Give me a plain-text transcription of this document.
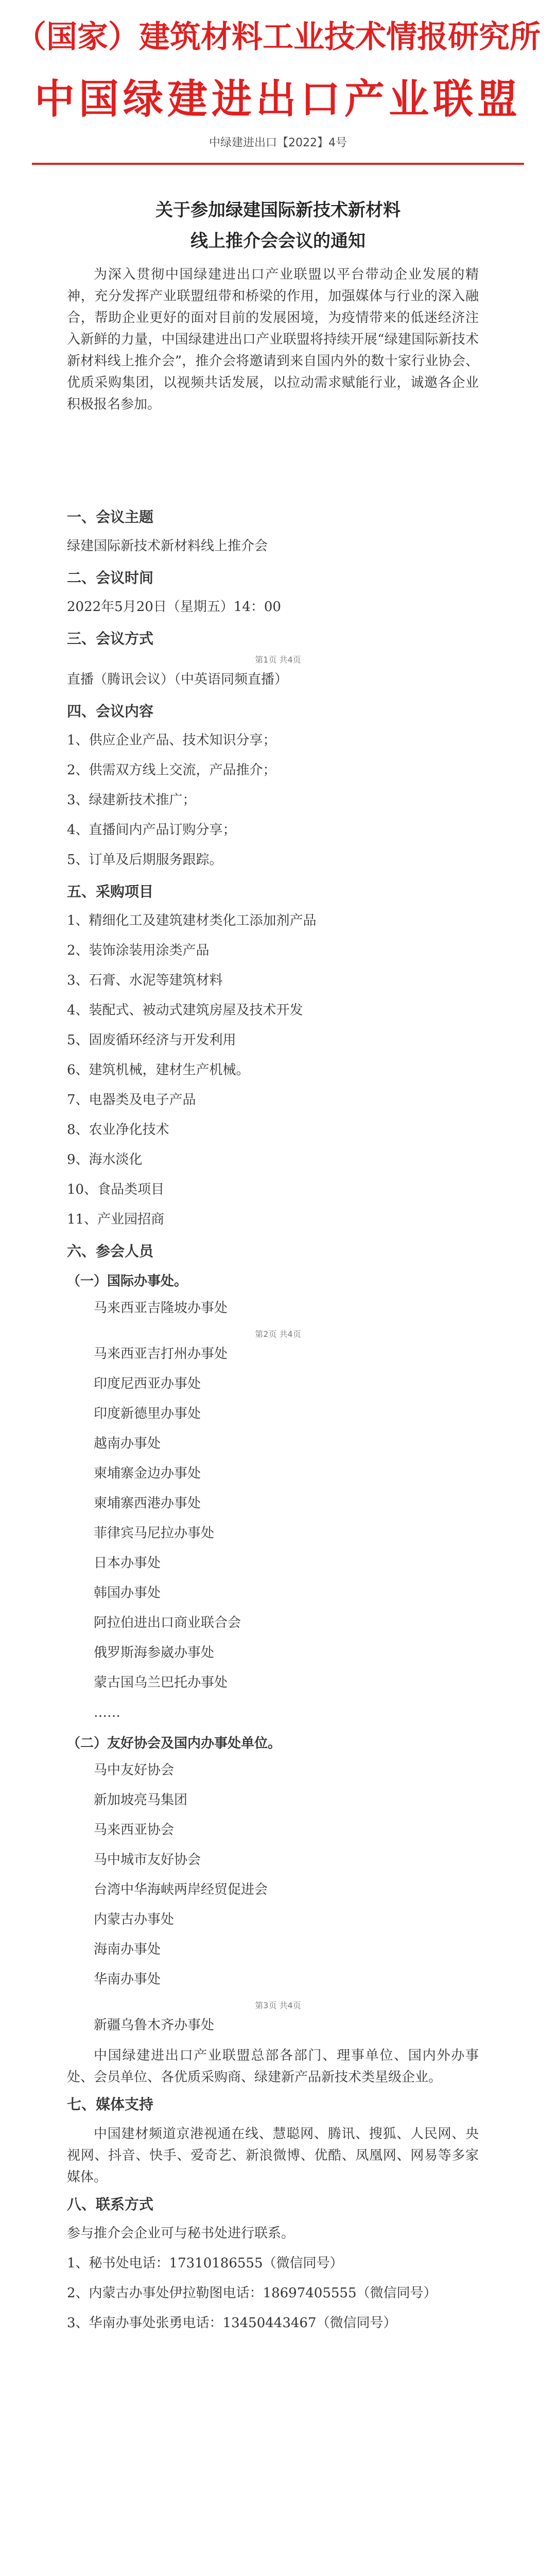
（国家）建筑材料工业技术情报研究所
中国绿建进出口产业联盟
中绿建进出口【2022】4号
关于参加绿建国际新技术新材料
线上推介会会议的通知
为深入贯彻中国绿建进出口产业联盟以平台带动企业发展的精神，充分发挥产业联盟纽带和桥梁的作用，加强媒体与行业的深入融合，帮助企业更好的面对目前的发展困境，为疫情带来的低迷经济注入新鲜的力量，中国绿建进出口产业联盟将持续开展“绿建国际新技术新材料线上推介会”，推介会将邀请到来自国内外的数十家行业协会、优质采购集团，以视频共话发展，以拉动需求赋能行业，诚邀各企业积极报名参加。
一、会议主题
绿建国际新技术新材料线上推介会
二、会议时间
2022年5月20日（星期五）14：00
三、会议方式
第1页 共4页
直播（腾讯会议）（中英语同频直播）
四、会议内容
1、供应企业产品、技术知识分享；
2、供需双方线上交流，产品推介；
3、绿建新技术推广；
4、直播间内产品订购分享；
5、订单及后期服务跟踪。
五、采购项目
1、精细化工及建筑建材类化工添加剂产品
2、装饰涂装用涂类产品
3、石膏、水泥等建筑材料
4、装配式、被动式建筑房屋及技术开发
5、固废循环经济与开发利用
6、建筑机械，建材生产机械。
7、电器类及电子产品
8、农业净化技术
9、海水淡化
10、食品类项目
11、产业园招商
六、参会人员
（一）国际办事处。
马来西亚吉隆坡办事处
第2页 共4页
马来西亚吉打州办事处
印度尼西亚办事处
印度新德里办事处
越南办事处
柬埔寨金边办事处
柬埔寨西港办事处
菲律宾马尼拉办事处
日本办事处
韩国办事处
阿拉伯进出口商业联合会
俄罗斯海参崴办事处
蒙古国乌兰巴托办事处
……
（二）友好协会及国内办事处单位。
马中友好协会
新加坡亮马集团
马来西亚协会
马中城市友好协会
台湾中华海峡两岸经贸促进会
内蒙古办事处
海南办事处
华南办事处
第3页 共4页
新疆乌鲁木齐办事处
中国绿建进出口产业联盟总部各部门、理事单位、国内外办事处、会员单位、各优质采购商、绿建新产品新技术类星级企业。
七、媒体支持
中国建材频道京港视通在线、慧聪网、腾讯、搜狐、人民网、央视网、抖音、快手、爱奇艺、新浪微博、优酷、凤凰网、网易等多家媒体。
八、联系方式
参与推介会企业可与秘书处进行联系。
1、秘书处电话：17310186555（微信同号）
2、内蒙古办事处伊拉勒图电话：18697405555（微信同号）
3、华南办事处张勇电话：13450443467（微信同号）
